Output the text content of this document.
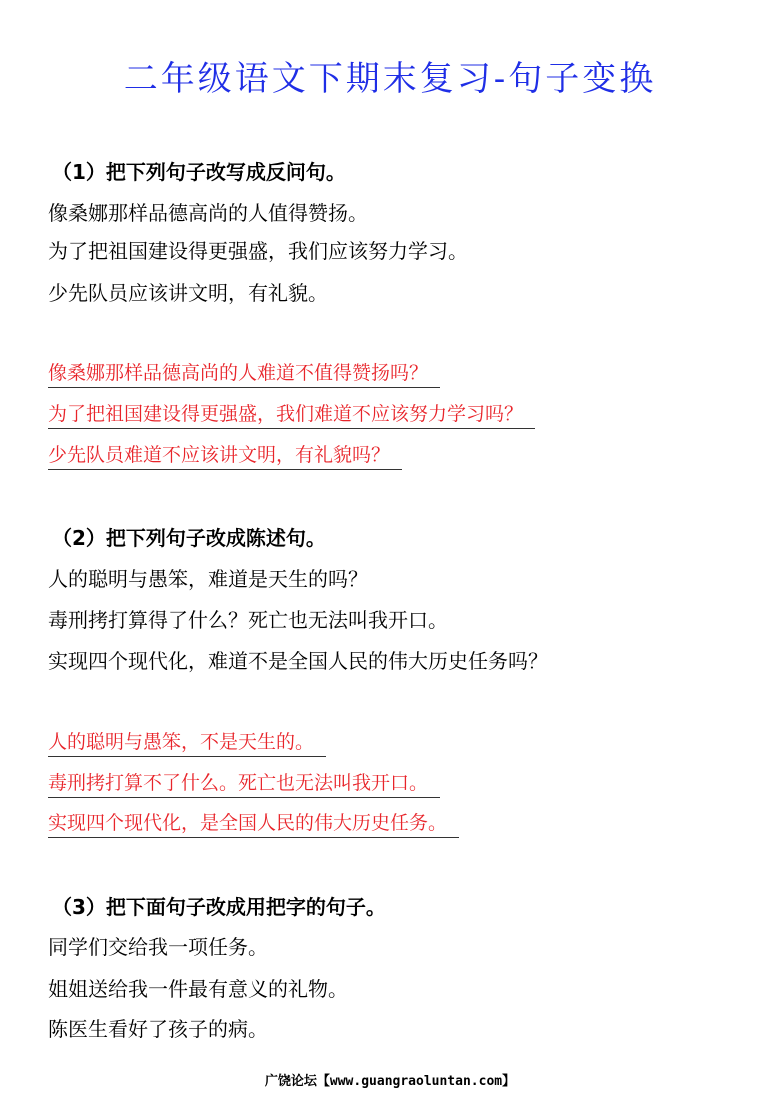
二年级语文下期末复习-句子变换
（1）把下列句子改写成反问句。
像桑娜那样品德高尚的人值得赞扬。
为了把祖国建设得更强盛，我们应该努力学习。
少先队员应该讲文明，有礼貌。
像桑娜那样品德高尚的人难道不值得赞扬吗？
为了把祖国建设得更强盛，我们难道不应该努力学习吗？
少先队员难道不应该讲文明，有礼貌吗？
（2）把下列句子改成陈述句。
人的聪明与愚笨，难道是天生的吗？
毒刑拷打算得了什么？死亡也无法叫我开口。
实现四个现代化，难道不是全国人民的伟大历史任务吗？
人的聪明与愚笨，不是天生的。
毒刑拷打算不了什么。死亡也无法叫我开口。
实现四个现代化，是全国人民的伟大历史任务。
（3）把下面句子改成用把字的句子。
同学们交给我一项任务。
姐姐送给我一件最有意义的礼物。
陈医生看好了孩子的病。
广饶论坛【www.guangraoluntan.com】
